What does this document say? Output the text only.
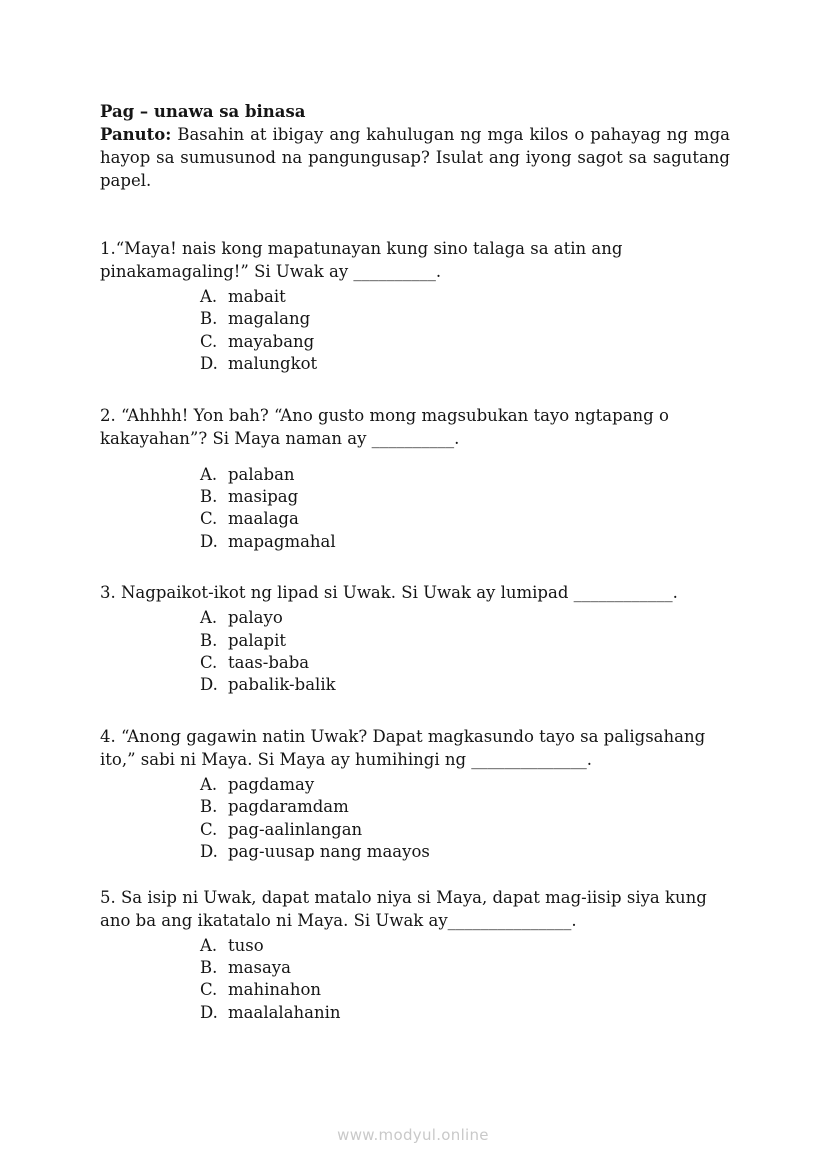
Pag – unawa sa binasa

Panuto: Basahin at ibigay ang kahulugan ng mga kilos o pahayag ng mga hayop sa sumusunod na pangungusap? Isulat ang iyong sagot sa sagutang papel.

1.“Maya! nais kong mapatunayan kung sino talaga sa atin ang pinakamagaling!” Si Uwak ay __________.

A. mabait
B. magalang
C. mayabang
D. malungkot

2. “Ahhhh! Yon bah? “Ano gusto mong magsubukan tayo ngtapang o kakayahan”? Si Maya naman ay __________.

A. palaban
B. masipag
C. maalaga
D. mapagmahal

3. Nagpaikot-ikot ng lipad si Uwak. Si Uwak ay lumipad ____________.

A. palayo
B. palapit
C. taas-baba
D. pabalik-balik

4. “Anong gagawin natin Uwak? Dapat magkasundo tayo sa paligsahang ito,” sabi ni Maya. Si Maya ay humihingi ng ______________.

A. pagdamay
B. pagdaramdam
C. pag-aalinlangan
D. pag-uusap nang maayos

5. Sa isip ni Uwak, dapat matalo niya si Maya, dapat mag-iisip siya kung ano ba ang ikatatalo ni Maya. Si Uwak ay_______________.

A. tuso
B. masaya
C. mahinahon
D. maalalahanin
www.modyul.online
